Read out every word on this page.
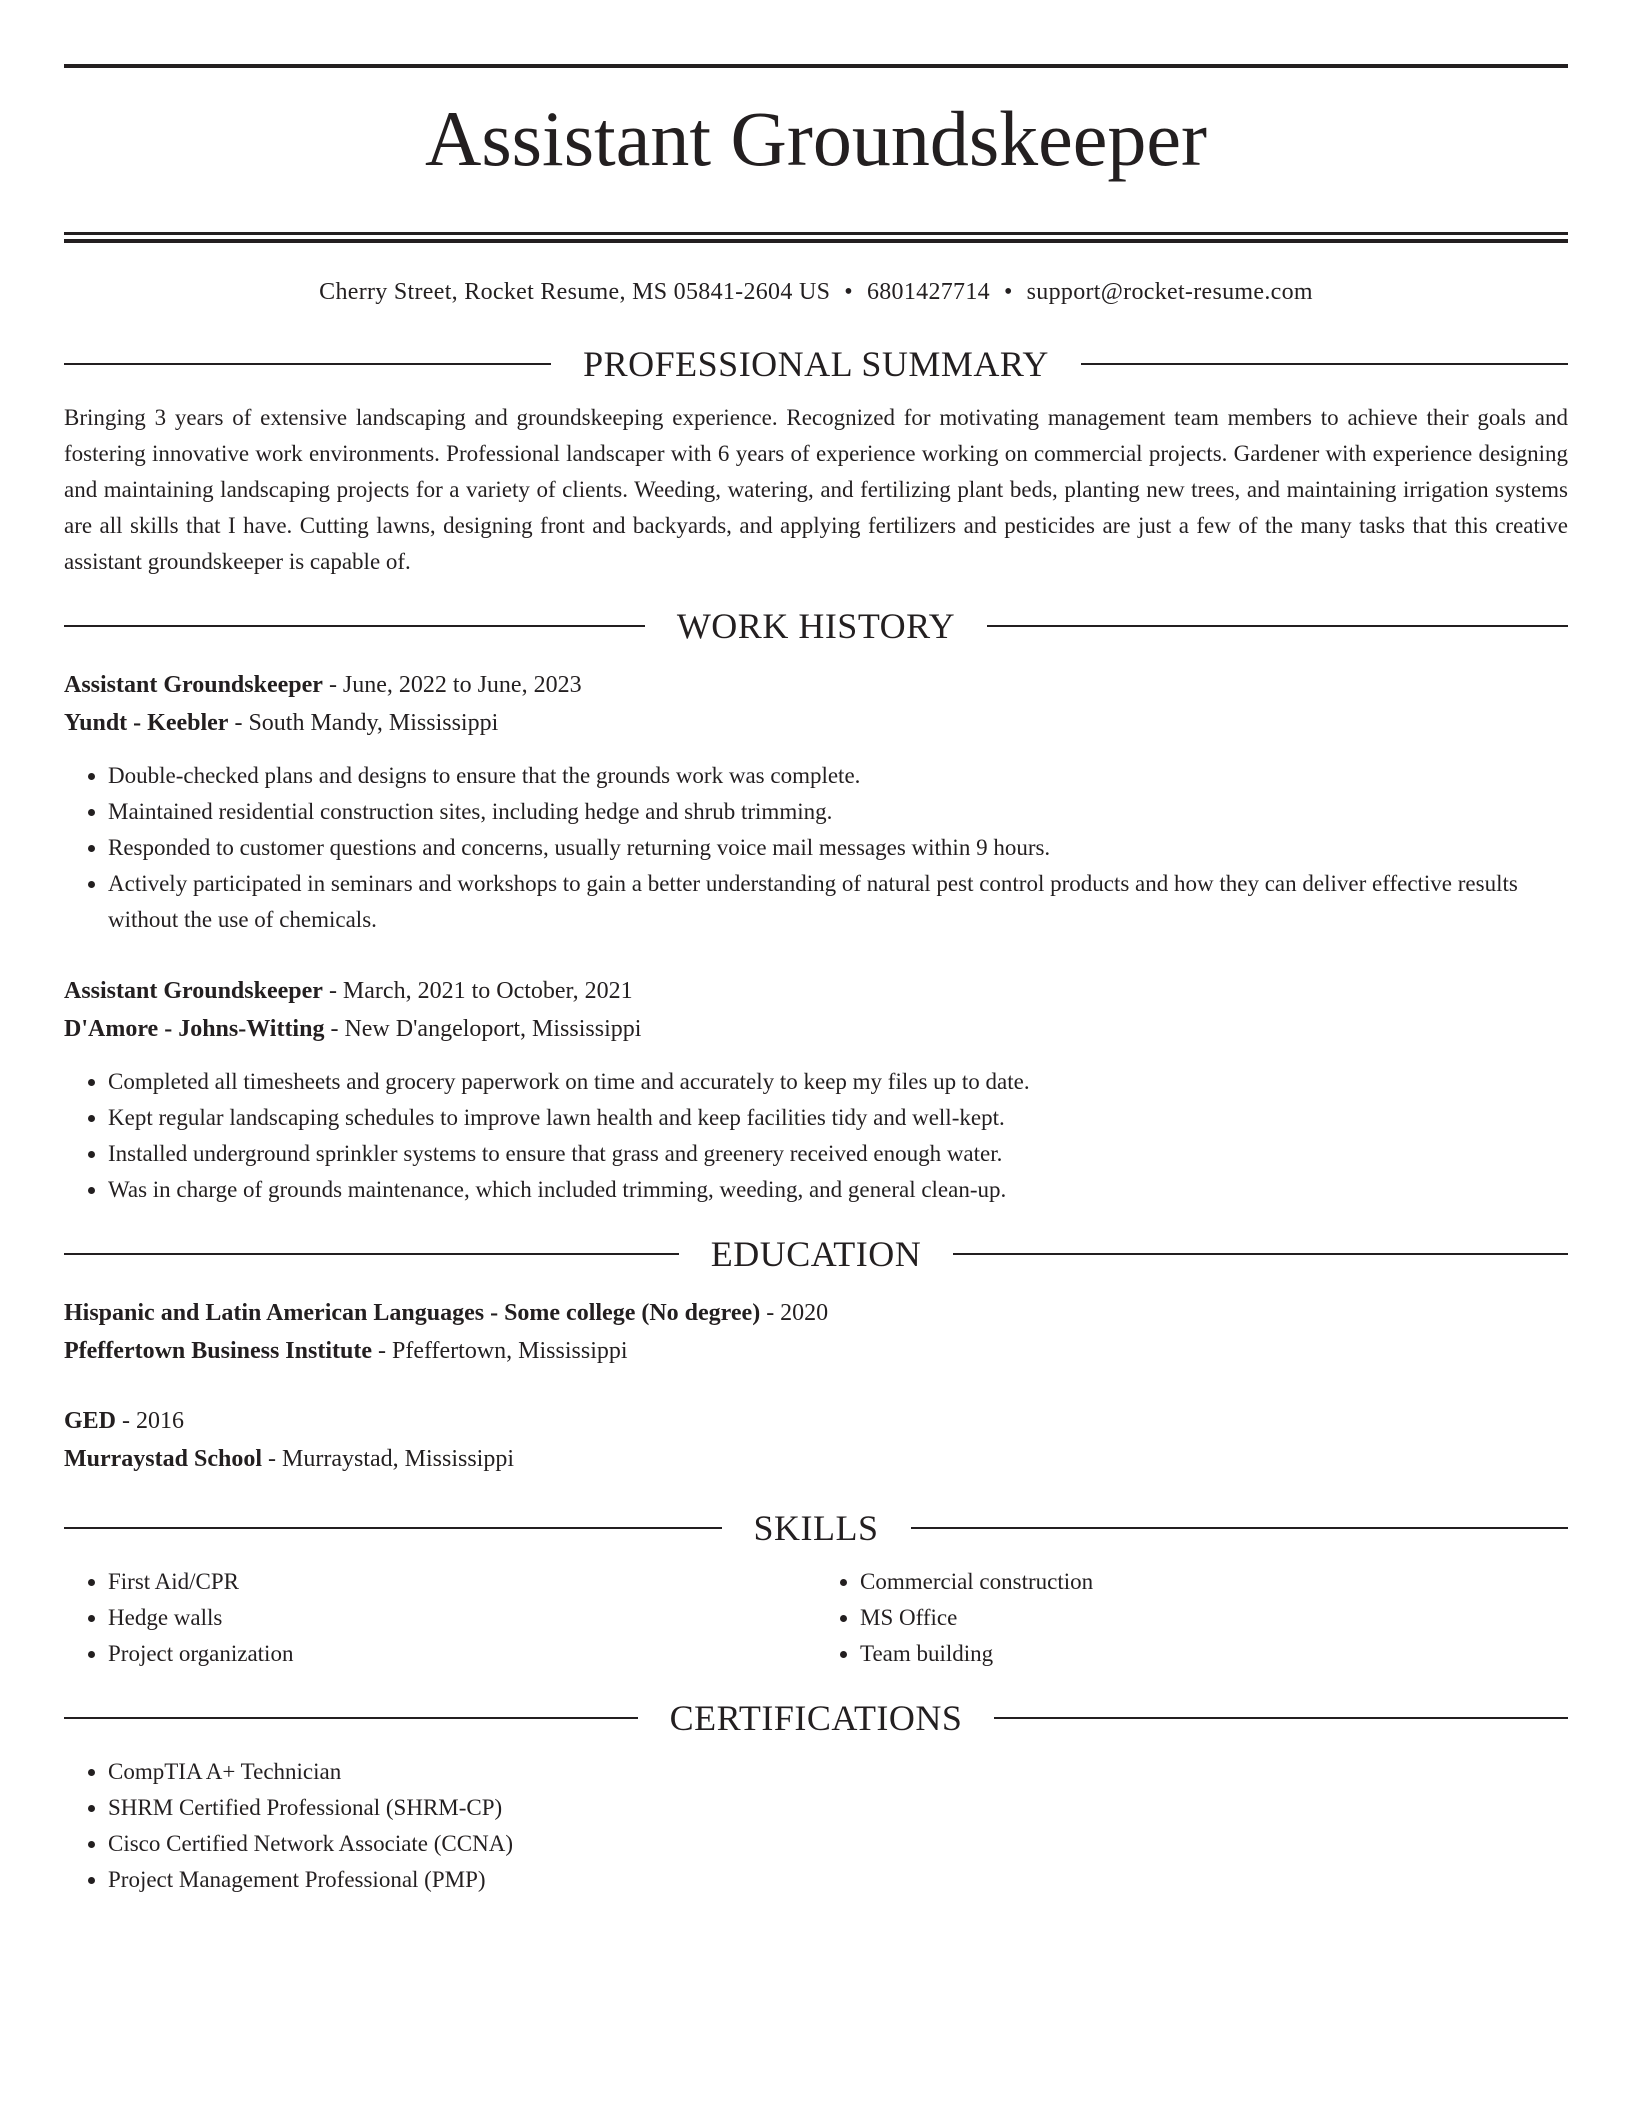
Assistant Groundskeeper
Cherry Street, Rocket Resume, MS 05841-2604 US • 6801427714 • support@rocket-resume.com
PROFESSIONAL SUMMARY

Bringing 3 years of extensive landscaping and groundskeeping experience. Recognized for motivating management team members to achieve their goals and fostering innovative work environments. Professional landscaper with 6 years of experience working on commercial projects. Gardener with experience designing and maintaining landscaping projects for a variety of clients. Weeding, watering, and fertilizing plant beds, planting new trees, and maintaining irrigation systems are all skills that I have. Cutting lawns, designing front and backyards, and applying fertilizers and pesticides are just a few of the many tasks that this creative assistant groundskeeper is capable of.

WORK HISTORY
Assistant Groundskeeper - June, 2022 to June, 2023
Yundt - Keebler - South Mandy, Mississippi
• Double-checked plans and designs to ensure that the grounds work was complete.
• Maintained residential construction sites, including hedge and shrub trimming.
• Responded to customer questions and concerns, usually returning voice mail messages within 9 hours.
• Actively participated in seminars and workshops to gain a better understanding of natural pest control products and how they can deliver effective results without the use of chemicals.
Assistant Groundskeeper - March, 2021 to October, 2021
D'Amore - Johns-Witting - New D'angeloport, Mississippi
• Completed all timesheets and grocery paperwork on time and accurately to keep my files up to date.
• Kept regular landscaping schedules to improve lawn health and keep facilities tidy and well-kept.
• Installed underground sprinkler systems to ensure that grass and greenery received enough water.
• Was in charge of grounds maintenance, which included trimming, weeding, and general clean-up.
EDUCATION
Hispanic and Latin American Languages - Some college (No degree) - 2020
Pfeffertown Business Institute - Pfeffertown, Mississippi
GED - 2016
Murraystad School - Murraystad, Mississippi
SKILLS
• First Aid/CPR
• Hedge walls
• Project organization
• Commercial construction
• MS Office
• Team building
CERTIFICATIONS
• CompTIA A+ Technician
• SHRM Certified Professional (SHRM-CP)
• Cisco Certified Network Associate (CCNA)
• Project Management Professional (PMP)
